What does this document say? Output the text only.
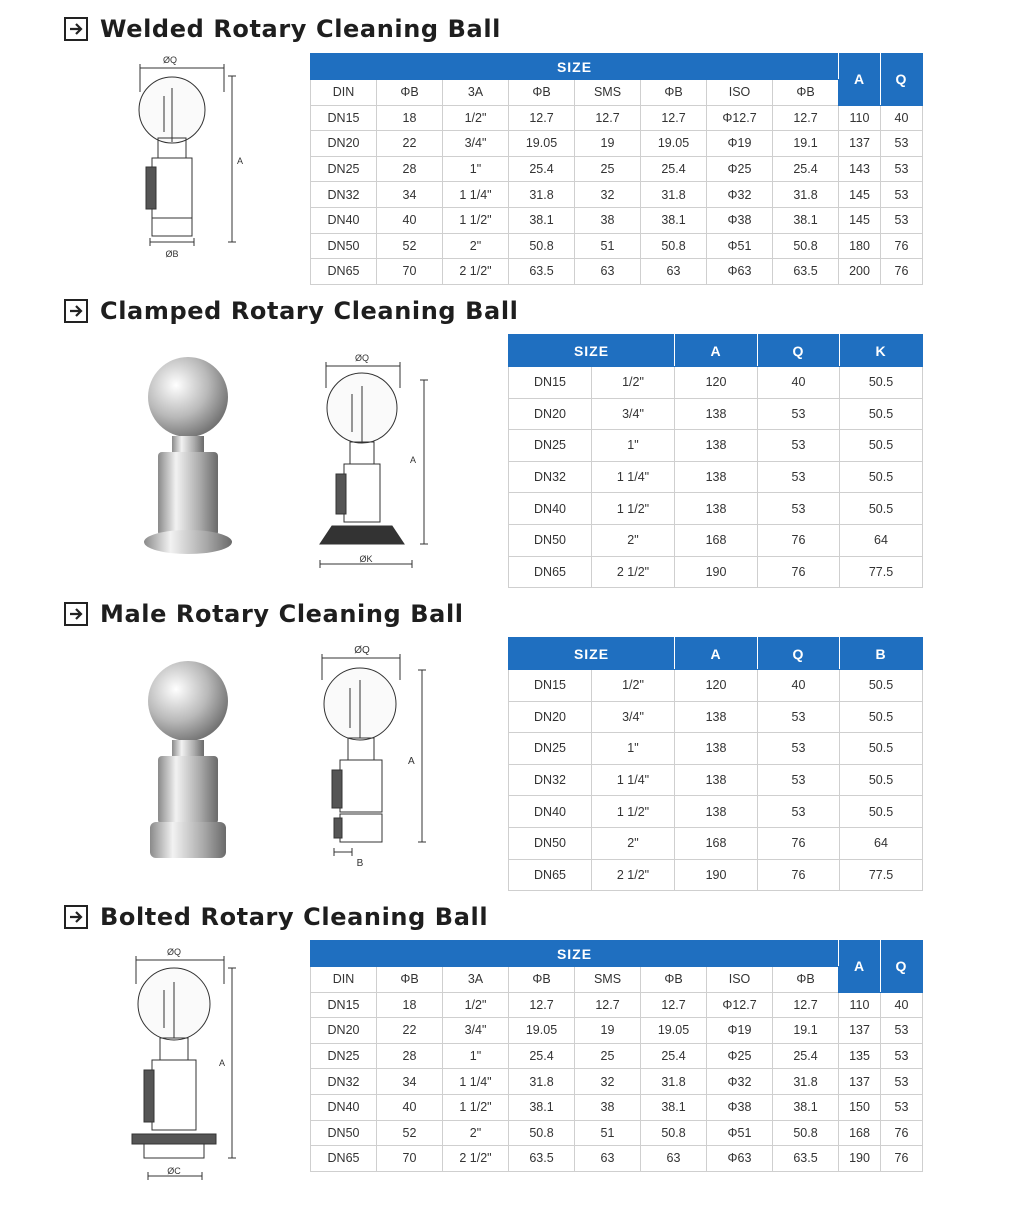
Welded Rotary Cleaning Ball
ØQ
A
ØB
SIZE								A	Q
DIN	ΦB	3A	ΦB	SMS	ΦB	ISO	ΦB		
DN15	18	1/2"	12.7	12.7	12.7	Φ12.7	12.7	110	40
DN20	22	3/4"	19.05	19	19.05	Φ19	19.1	137	53
DN25	28	1"	25.4	25	25.4	Φ25	25.4	143	53
DN32	34	1 1/4"	31.8	32	31.8	Φ32	31.8	145	53
DN40	40	1 1/2"	38.1	38	38.1	Φ38	38.1	145	53
DN50	52	2"	50.8	51	50.8	Φ51	50.8	180	76
DN65	70	2 1/2"	63.5	63	63	Φ63	63.5	200	76
Clamped Rotary Cleaning Ball
ØQ
A
ØK
SIZE		A	Q	K
DN15	1/2"	120	40	50.5
DN20	3/4"	138	53	50.5
DN25	1"	138	53	50.5
DN32	1 1/4"	138	53	50.5
DN40	1 1/2"	138	53	50.5
DN50	2"	168	76	64
DN65	2 1/2"	190	76	77.5
Male Rotary Cleaning Ball
ØQ
A
B
SIZE		A	Q	B
DN15	1/2"	120	40	50.5
DN20	3/4"	138	53	50.5
DN25	1"	138	53	50.5
DN32	1 1/4"	138	53	50.5
DN40	1 1/2"	138	53	50.5
DN50	2"	168	76	64
DN65	2 1/2"	190	76	77.5
Bolted Rotary Cleaning Ball
ØQ
A
ØC
SIZE								A	Q
DIN	ΦB	3A	ΦB	SMS	ΦB	ISO	ΦB		
DN15	18	1/2"	12.7	12.7	12.7	Φ12.7	12.7	110	40
DN20	22	3/4"	19.05	19	19.05	Φ19	19.1	137	53
DN25	28	1"	25.4	25	25.4	Φ25	25.4	135	53
DN32	34	1 1/4"	31.8	32	31.8	Φ32	31.8	137	53
DN40	40	1 1/2"	38.1	38	38.1	Φ38	38.1	150	53
DN50	52	2"	50.8	51	50.8	Φ51	50.8	168	76
DN65	70	2 1/2"	63.5	63	63	Φ63	63.5	190	76
